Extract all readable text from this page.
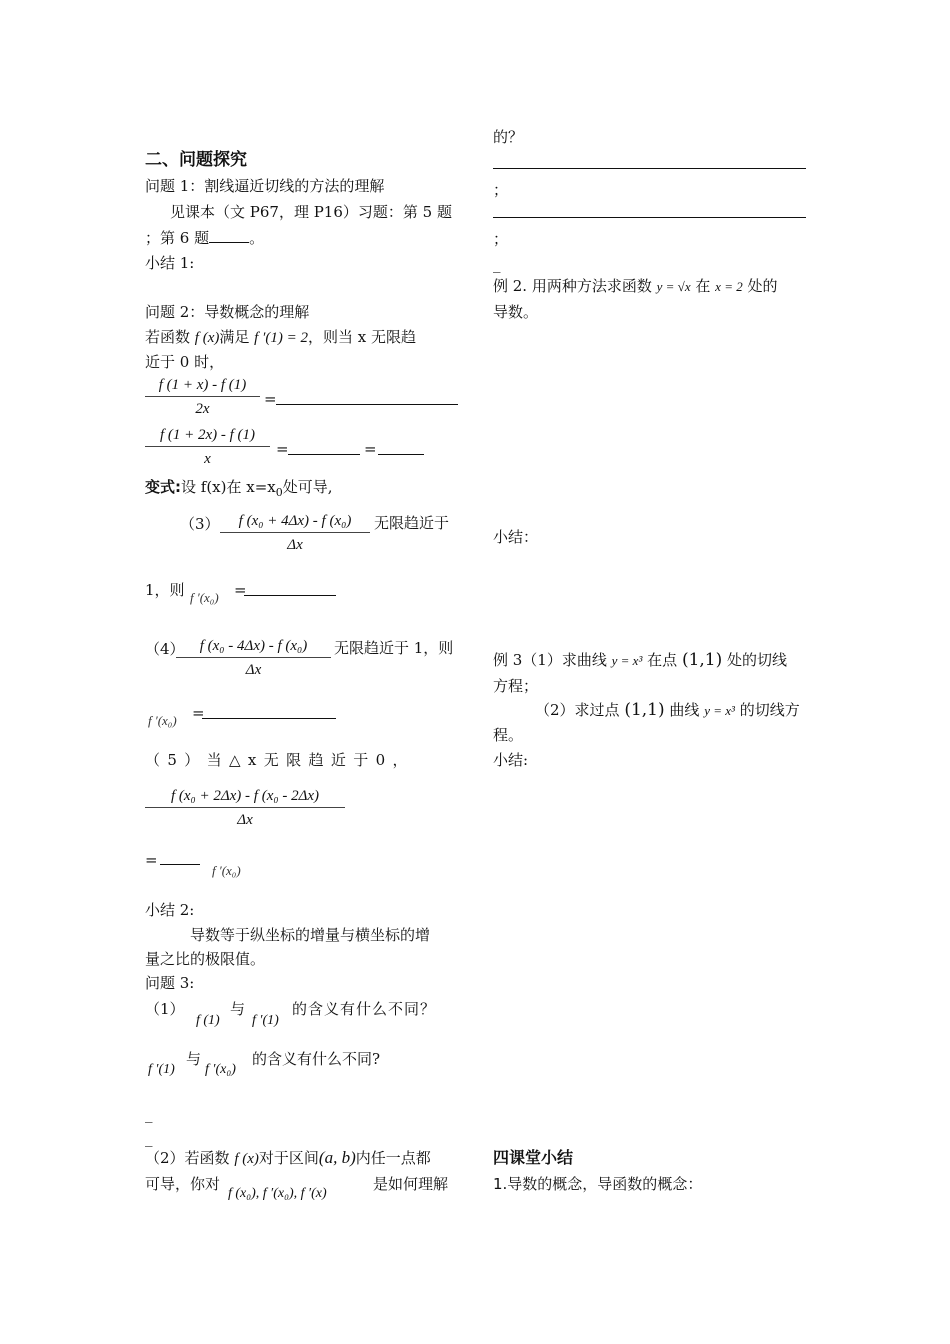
二、问题探究
问题 1：割线逼近切线的方法的理解
见课本（文 P67，理 P16）习题：第 5 题
；第 6 题	。
小结 1:
问题 2：导数概念的理解
若函数 f (x)满足 f ′(1) = 2，则当 x 无限趋
近于 0 时，
$\frac{f (1 + x) - f (1)}{2x}$ =
$\frac{f (1 + 2x) - f (1)}{x}$ =	=
变式:设 f(x)在 $x=x_0$处可导,
$(3) \frac{\text{f (x₀ + 4Δx) - f (x₀)}}{\Delta x}$ 无限趋近于
1，则 f ′(x₀) =
（4）
$\frac{\text{f (x₀ - 4Δx) - f (x₀)}}{\Delta x}$ 无限趋近于 1，则
f ′(x₀) =
（ 5 ） 当 △ x 无 限 趋 近 于 0 ，
$\frac{\text{f (x₀ + 2Δx) - f (x₀ - 2Δx)}}{\Delta x}$
=
f ′(x₀)
小结 2:
导数等于纵坐标的增量与横坐标的增
量之比的极限值。
问题 3:
（1）
f (1)
与
f ′(1)
的含义有什么不同？
f ′(1)
与
f ′(x₀)
的含义有什么不同?
_
_
（2）若函数 f (x)对于区间(a, b)内任一点都
可导，你对
f (x₀), f ′(x₀), f ′(x)
是如何理解
的？
；
；
_
例 2. 用两种方法求函数 y = √x 在 x = 2 处的
导数。
小结：
例 3（1）求曲线 y = x³ 在点 (1,1) 处的切线
方程；
（2）求过点 (1,1) 曲线 y = x³ 的切线方
程。
小结:
四课堂小结
1.导数的概念，导函数的概念：
